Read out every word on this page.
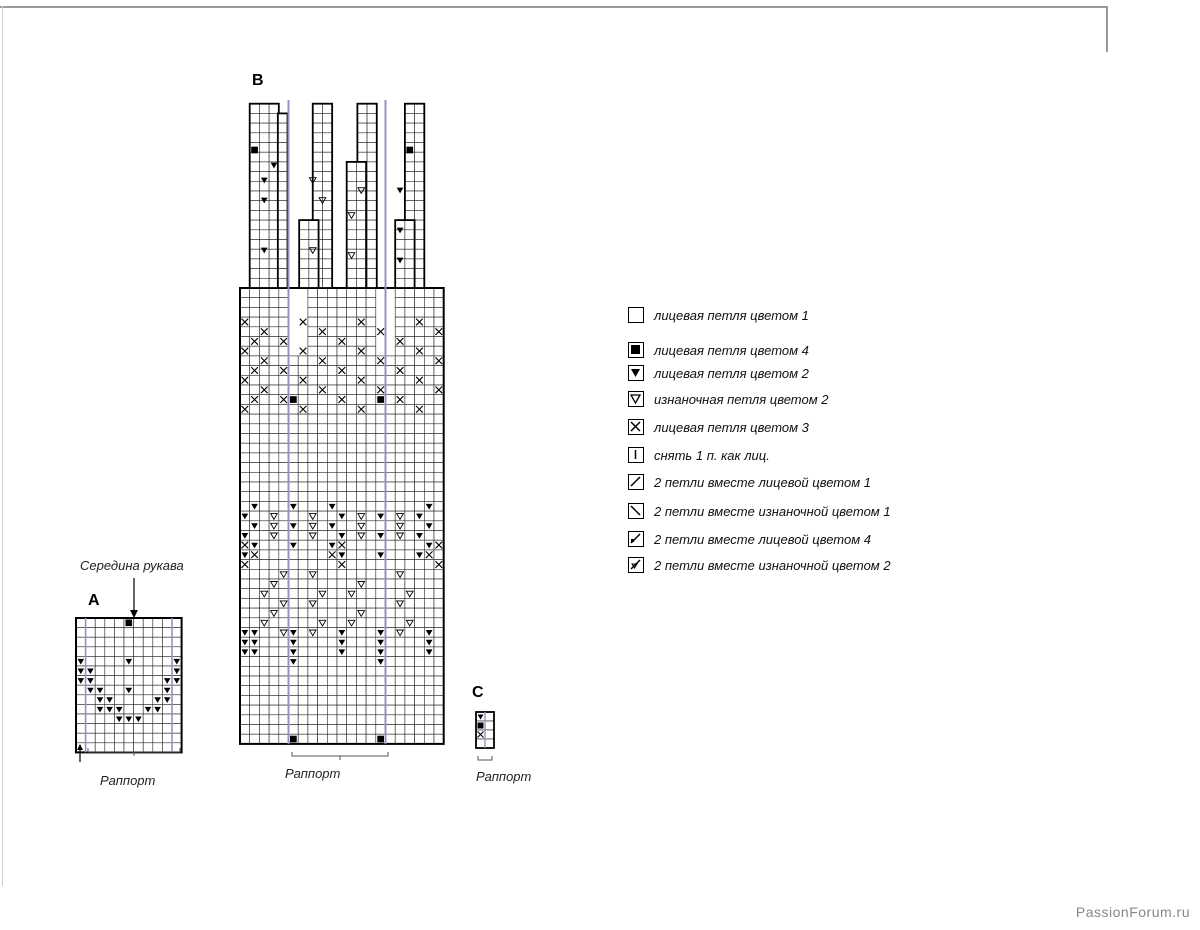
A
B
C
Середина рукава
Раппорт	Раппорт	Раппорт
лицевая петля цветом 1
лицевая петля цветом 4
лицевая петля цветом 2
изнаночная петля цветом 2
лицевая петля цветом 3
снять 1 п. как лиц.
2 петли вместе лицевой цветом 1
2 петли вместе изнаночной цветом 1
2 петли вместе лицевой цветом 4
2 петли вместе изнаночной цветом 2
PassionForum.ru
